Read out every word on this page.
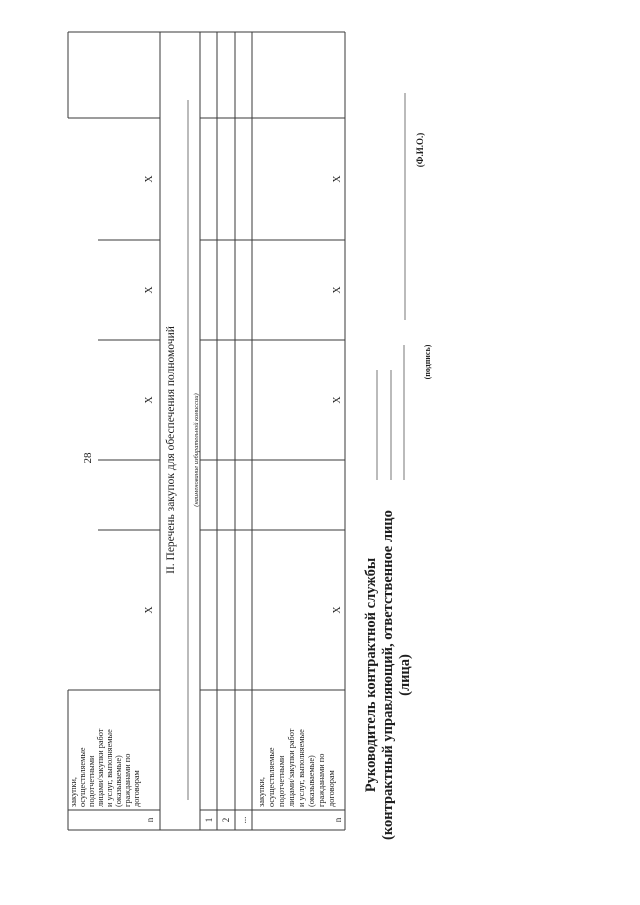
28
n
закупки, осуществляемые подотчетными лицами/закупки работ и услуг, выполняемые (оказываемые) гражданами по договорам
X
X
X
X
II. Перечень закупок для обеспечения полномочий (наименование избирательной комиссии)
1 2 ...	n
закупки, осуществляемые подотчетными лицами/закупки работ и услуг, выполняемые (оказываемые) гражданами по договорам
X
X
X
X
Руководитель контрактной службы (контрактный управляющий, ответственное лицо (лица)
(подпись)
(Ф.И.О.)
